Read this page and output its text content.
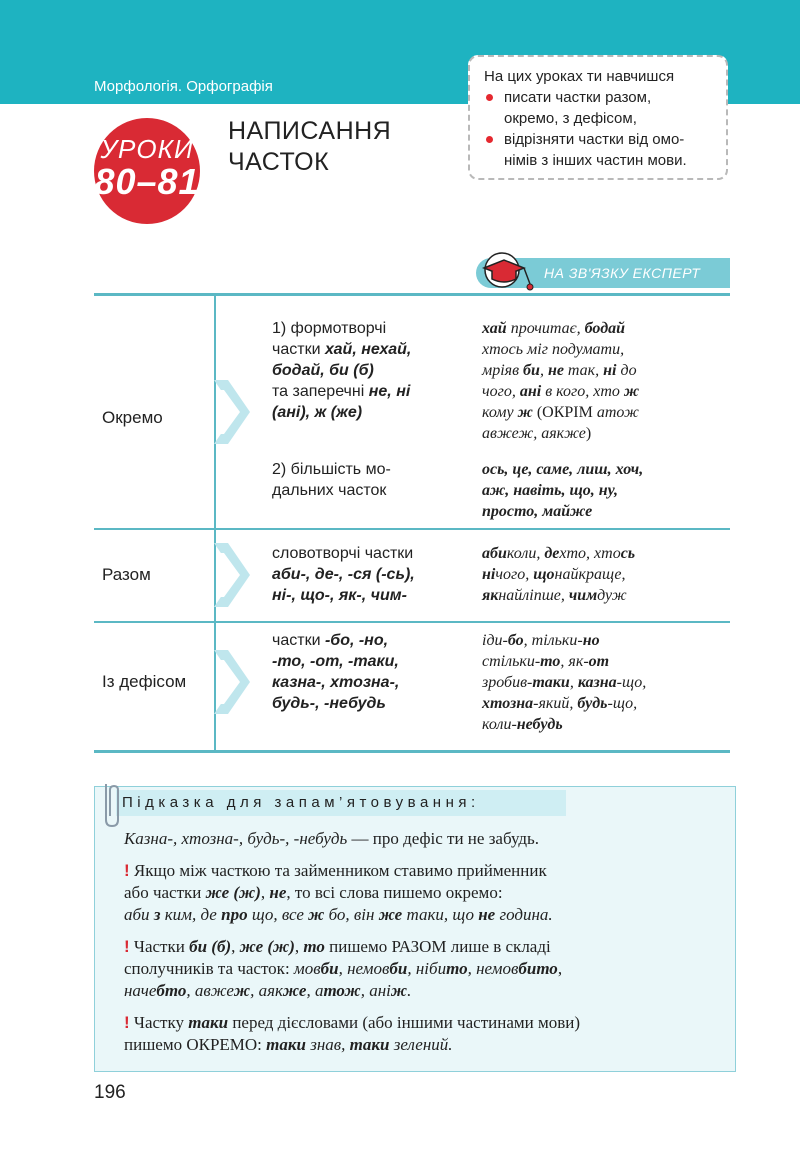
Морфологія. Орфографія
На цих уроках ти навчишся
писати частки разом,
окремо, з дефісом,
відрізняти частки від омо-
німів з інших частин мови.
УРОКИ
80–81
НАПИСАННЯ
ЧАСТОК
НА ЗВ'ЯЗКУ ЕКСПЕРТ
Окремо
1) формотворчі
частки хай, нехай,
бодай, би (б)
та заперечні не, ні
(ані), ж (же)
хай прочитає, бодай
хтось міг подумати,
мріяв би, не так, ні до
чого, ані в кого, хто ж
кому ж (ОКРІМ атож
авжеж, аякже)
2) більшість мо-
дальних часток
ось, це, саме, лиш, хоч,
аж, навіть, що, ну,
просто, майже
Разом
словотворчі частки
аби-, де-, -ся (-сь),
ні-, що-, як-, чим-
абиколи, дехто, хтось
нічого, щонайкраще,
якнайліпше, чимдуж
Із дефісом
частки -бо, -но,
-то, -от, -таки,
казна-, хтозна-,
будь-, -небудь
іди-бо, тільки-но
стільки-то, як-от
зробив-таки, казна-що,
хтозна-який, будь-що,
коли-небудь
Підказка для запам’ятовування:
Казна-, хтозна-, будь-, -небудь — про дефіс ти не забудь.
! Якщо між часткою та займенником ставимо прийменник
або частки же (ж), не, то всі слова пишемо окремо:
аби з ким, де про що, все ж бо, він же таки, що не година.
! Частки би (б), же (ж), то пишемо РАЗОМ лише в складі
сполучників та часток: мовби, немовби, нібито, немовбито,
начебто, авжеж, аякже, атож, аніж.
! Частку таки перед дієсловами (або іншими частинами мови)
пишемо ОКРЕМО: таки знав, таки зелений.
196
